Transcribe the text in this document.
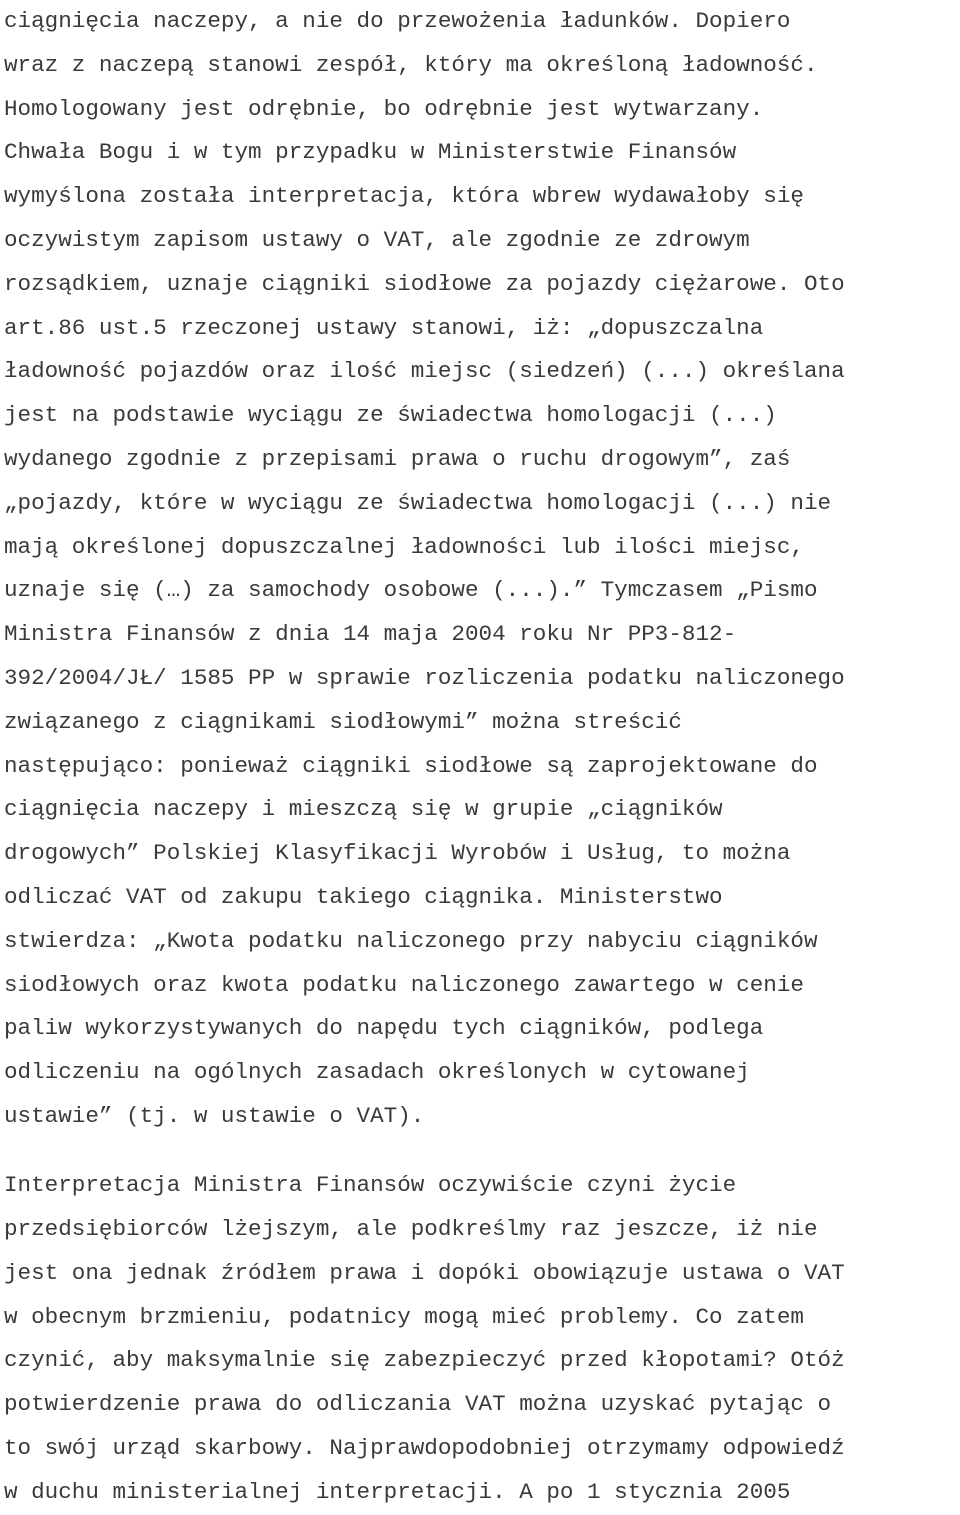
ciągnięcia naczepy, a nie do przewożenia ładunków. Dopiero
wraz z naczepą stanowi zespół, który ma określoną ładowność.
Homologowany jest odrębnie, bo odrębnie jest wytwarzany.
Chwała Bogu i w tym przypadku w Ministerstwie Finansów
wymyślona została interpretacja, która wbrew wydawałoby się
oczywistym zapisom ustawy o VAT, ale zgodnie ze zdrowym
rozsądkiem, uznaje ciągniki siodłowe za pojazdy ciężarowe. Oto
art.86 ust.5 rzeczonej ustawy stanowi, iż: „dopuszczalna
ładowność pojazdów oraz ilość miejsc (siedzeń) (...) określana
jest na podstawie wyciągu ze świadectwa homologacji (...)
wydanego zgodnie z przepisami prawa o ruchu drogowym”, zaś
„pojazdy, które w wyciągu ze świadectwa homologacji (...) nie
mają określonej dopuszczalnej ładowności lub ilości miejsc,
uznaje się (…) za samochody osobowe (...).” Tymczasem „Pismo
Ministra Finansów z dnia 14 maja 2004 roku Nr PP3-812-
392/2004/JŁ/ 1585 PP w sprawie rozliczenia podatku naliczonego
związanego z ciągnikami siodłowymi” można streścić
następująco: ponieważ ciągniki siodłowe są zaprojektowane do
ciągnięcia naczepy i mieszczą się w grupie „ciągników
drogowych” Polskiej Klasyfikacji Wyrobów i Usług, to można
odliczać VAT od zakupu takiego ciągnika. Ministerstwo
stwierdza: „Kwota podatku naliczonego przy nabyciu ciągników
siodłowych oraz kwota podatku naliczonego zawartego w cenie
paliw wykorzystywanych do napędu tych ciągników, podlega
odliczeniu na ogólnych zasadach określonych w cytowanej
ustawie” (tj. w ustawie o VAT).
Interpretacja Ministra Finansów oczywiście czyni życie
przedsiębiorców lżejszym, ale podkreślmy raz jeszcze, iż nie
jest ona jednak źródłem prawa i dopóki obowiązuje ustawa o VAT
w obecnym brzmieniu, podatnicy mogą mieć problemy. Co zatem
czynić, aby maksymalnie się zabezpieczyć przed kłopotami? Otóż
potwierdzenie prawa do odliczania VAT można uzyskać pytając o
to swój urząd skarbowy. Najprawdopodobniej otrzymamy odpowiedź
w duchu ministerialnej interpretacji. A po 1 stycznia 2005
